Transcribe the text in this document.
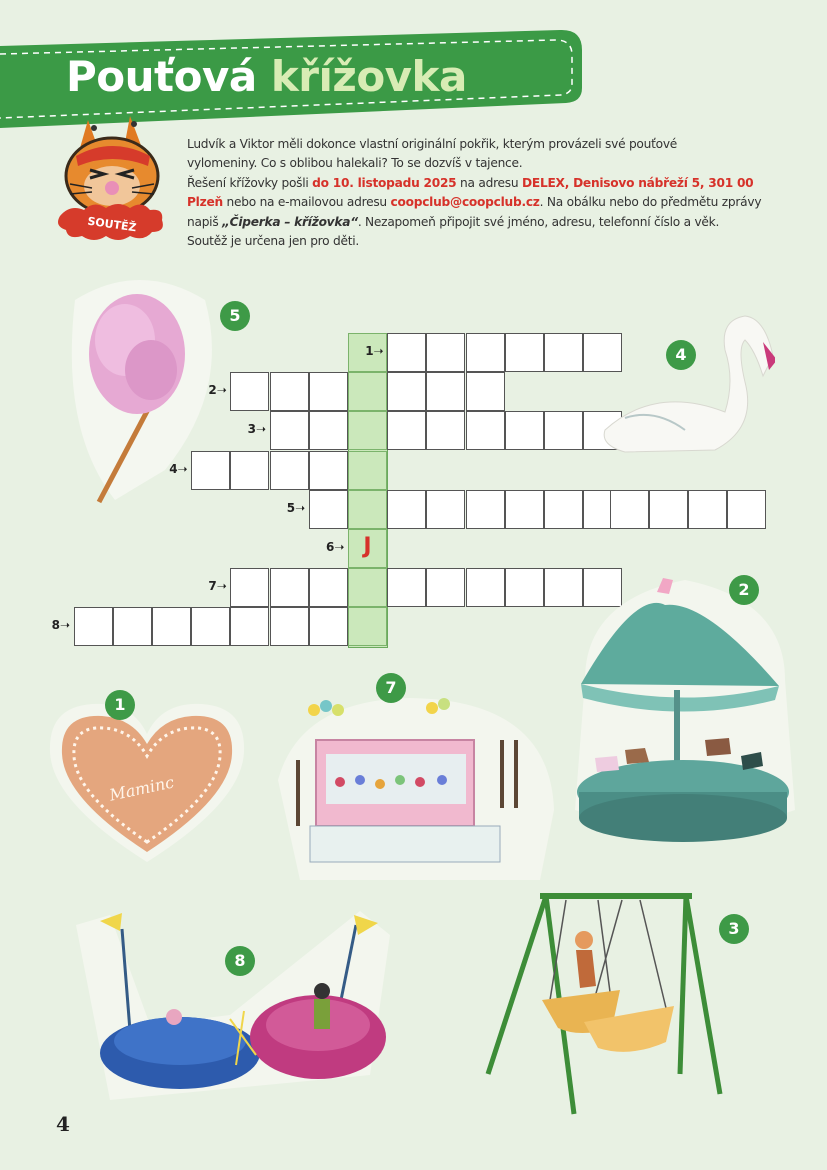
Pouťová křížovka
SOUTĚŽ
Ludvík a Viktor měli dokonce vlastní originální pokřik, kterým provázeli své pouťové
vylomeniny. Co s oblibou halekali? To se dozvíš v tajence.
Řešení křížovky pošli do 10. listopadu 2025 na adresu DELEX, Denisovo nábřeží 5, 301 00
Plzeň nebo na e-mailovou adresu coopclub@coopclub.cz. Na obálku nebo do předmětu zprávy
napiš „Čiperka – křížovka“. Nezapomeň připojit své jméno, adresu, telefonní číslo a věk.
Soutěž je určena jen pro děti.
1➝
2➝
3➝
4➝
5➝
6➝
7➝
8➝
J
5
4
2
Maminc
1
7
8
3
4
